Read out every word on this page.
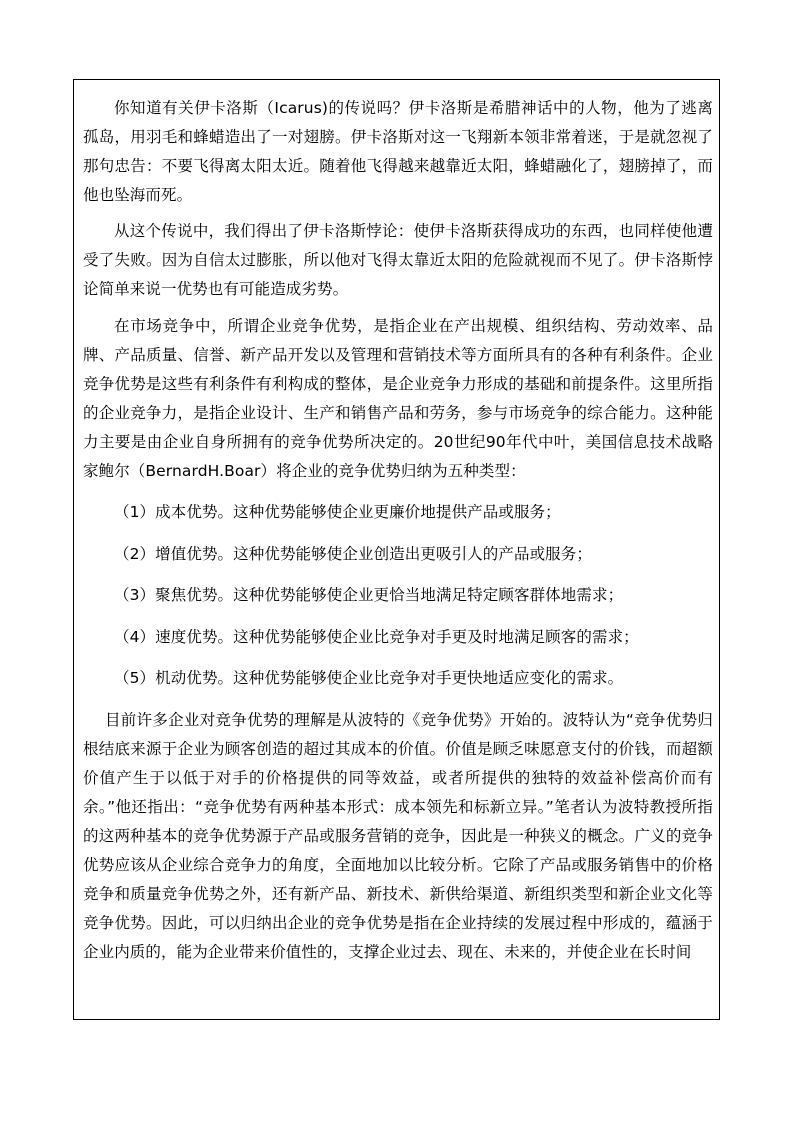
你知道有关伊卡洛斯（Icarus)的传说吗？伊卡洛斯是希腊神话中的人物，他为了逃离孤岛，用羽毛和蜂蜡造出了一对翅膀。伊卡洛斯对这一飞翔新本领非常着迷，于是就忽视了那句忠告：不要飞得离太阳太近。随着他飞得越来越靠近太阳，蜂蜡融化了，翅膀掉了，而他也坠海而死。

从这个传说中，我们得出了伊卡洛斯悖论：使伊卡洛斯获得成功的东西，也同样使他遭受了失败。因为自信太过膨胀，所以他对飞得太靠近太阳的危险就视而不见了。伊卡洛斯悖论简单来说一优势也有可能造成劣势。

在市场竞争中，所谓企业竞争优势，是指企业在产出规模、组织结构、劳动效率、品牌、产品质量、信誉、新产品开发以及管理和营销技术等方面所具有的各种有利条件。企业竞争优势是这些有利条件有利构成的整体，是企业竞争力形成的基础和前提条件。这里所指的企业竞争力，是指企业设计、生产和销售产品和劳务，参与市场竞争的综合能力。这种能力主要是由企业自身所拥有的竞争优势所决定的。20世纪90年代中叶，美国信息技术战略家鲍尔（BernardH.Boar）将企业的竞争优势归纳为五种类型：

（1）成本优势。这种优势能够使企业更廉价地提供产品或服务；

（2）增值优势。这种优势能够使企业创造出更吸引人的产品或服务；

（3）聚焦优势。这种优势能够使企业更恰当地满足特定顾客群体地需求；

（4）速度优势。这种优势能够使企业比竞争对手更及时地满足顾客的需求；

（5）机动优势。这种优势能够使企业比竞争对手更快地适应变化的需求。

目前许多企业对竞争优势的理解是从波特的《竞争优势》开始的。波特认为“竞争优势归根结底来源于企业为顾客创造的超过其成本的价值。价值是顾乏味愿意支付的价钱，而超额价值产生于以低于对手的价格提供的同等效益，或者所提供的独特的效益补偿高价而有余。”他还指出：“竞争优势有两种基本形式：成本领先和标新立异。”笔者认为波特教授所指的这两种基本的竞争优势源于产品或服务营销的竞争，因此是一种狭义的概念。广义的竞争优势应该从企业综合竞争力的角度，全面地加以比较分析。它除了产品或服务销售中的价格竞争和质量竞争优势之外，还有新产品、新技术、新供给渠道、新组织类型和新企业文化等竞争优势。因此，可以归纳出企业的竞争优势是指在企业持续的发展过程中形成的，蕴涵于企业内质的，能为企业带来价值性的，支撑企业过去、现在、未来的，并使企业在长时间
